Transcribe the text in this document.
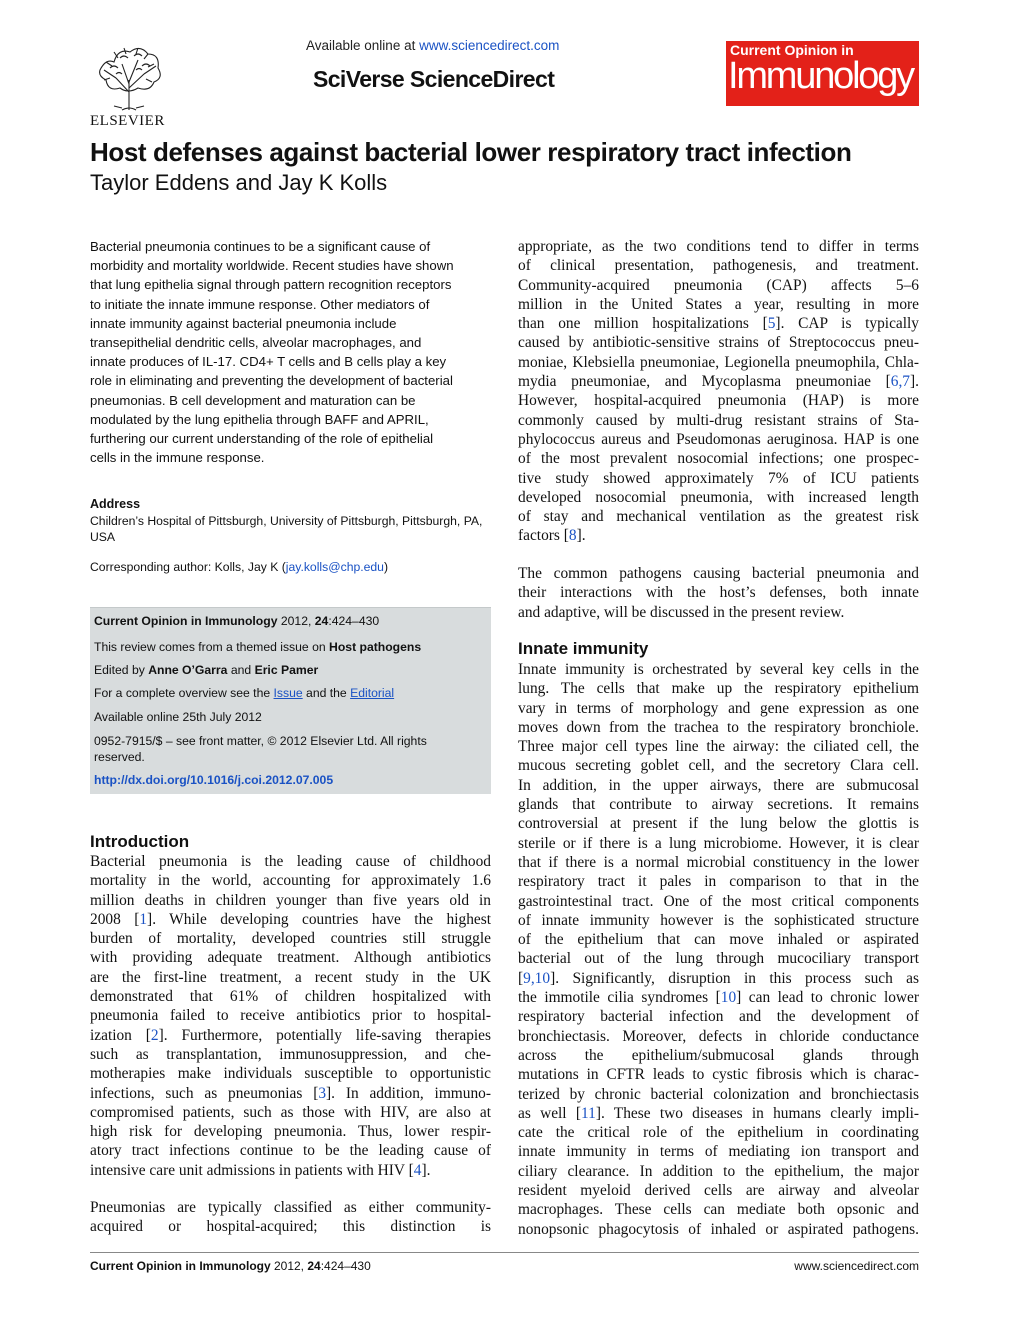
ELSEVIER
Available online at www.sciencedirect.com
SciVerse ScienceDirect
Current Opinion in
Immunology
Host defenses against bacterial lower respiratory tract infection
Taylor Eddens and Jay K Kolls
Bacterial pneumonia continues to be a significant cause of
morbidity and mortality worldwide. Recent studies have shown
that lung epithelia signal through pattern recognition receptors
to initiate the innate immune response. Other mediators of
innate immunity against bacterial pneumonia include
transepithelial dendritic cells, alveolar macrophages, and
innate produces of IL-17. CD4+ T cells and B cells play a key
role in eliminating and preventing the development of bacterial
pneumonias. B cell development and maturation can be
modulated by the lung epithelia through BAFF and APRIL,
furthering our current understanding of the role of epithelial
cells in the immune response.
Address
Children’s Hospital of Pittsburgh, University of Pittsburgh, Pittsburgh, PA, USA
Corresponding author: Kolls, Jay K (jay.kolls@chp.edu)
Current Opinion in Immunology 2012, 24:424–430
This review comes from a themed issue on Host pathogens
Edited by Anne O’Garra and Eric Pamer
For a complete overview see the Issue and the Editorial
Available online 25th July 2012
0952-7915/$ – see front matter, © 2012 Elsevier Ltd. All rights
reserved.
http://dx.doi.org/10.1016/j.coi.2012.07.005
Introduction
Bacterial pneumonia is the leading cause of childhood
mortality in the world, accounting for approximately 1.6
million deaths in children younger than five years old in
2008 [1]. While developing countries have the highest
burden of mortality, developed countries still struggle
with providing adequate treatment. Although antibiotics
are the first-line treatment, a recent study in the UK
demonstrated that 61% of children hospitalized with
pneumonia failed to receive antibiotics prior to hospital-
ization [2]. Furthermore, potentially life-saving therapies
such as transplantation, immunosuppression, and che-
motherapies make individuals susceptible to opportunistic
infections, such as pneumonias [3]. In addition, immuno-
compromised patients, such as those with HIV, are also at
high risk for developing pneumonia. Thus, lower respir-
atory tract infections continue to be the leading cause of
intensive care unit admissions in patients with HIV [4].
Pneumonias are typically classified as either community-
acquired or hospital-acquired; this distinction is
appropriate, as the two conditions tend to differ in terms
of clinical presentation, pathogenesis, and treatment.
Community-acquired pneumonia (CAP) affects 5–6
million in the United States a year, resulting in more
than one million hospitalizations [5]. CAP is typically
caused by antibiotic-sensitive strains of Streptococcus pneu-
moniae, Klebsiella pneumoniae, Legionella pneumophila, Chla-
mydia pneumoniae, and Mycoplasma pneumoniae [6,7].
However, hospital-acquired pneumonia (HAP) is more
commonly caused by multi-drug resistant strains of Sta-
phylococcus aureus and Pseudomonas aeruginosa. HAP is one
of the most prevalent nosocomial infections; one prospec-
tive study showed approximately 7% of ICU patients
developed nosocomial pneumonia, with increased length
of stay and mechanical ventilation as the greatest risk
factors [8].
The common pathogens causing bacterial pneumonia and
their interactions with the host’s defenses, both innate
and adaptive, will be discussed in the present review.
Innate immunity
Innate immunity is orchestrated by several key cells in the
lung. The cells that make up the respiratory epithelium
vary in terms of morphology and gene expression as one
moves down from the trachea to the respiratory bronchiole.
Three major cell types line the airway: the ciliated cell, the
mucous secreting goblet cell, and the secretory Clara cell.
In addition, in the upper airways, there are submucosal
glands that contribute to airway secretions. It remains
controversial at present if the lung below the glottis is
sterile or if there is a lung microbiome. However, it is clear
that if there is a normal microbial constituency in the lower
respiratory tract it pales in comparison to that in the
gastrointestinal tract. One of the most critical components
of innate immunity however is the sophisticated structure
of the epithelium that can move inhaled or aspirated
bacterial out of the lung through mucociliary transport
[9,10]. Significantly, disruption in this process such as
the immotile cilia syndromes [10] can lead to chronic lower
respiratory bacterial infection and the development of
bronchiectasis. Moreover, defects in chloride conductance
across the epithelium/submucosal glands through
mutations in CFTR leads to cystic fibrosis which is charac-
terized by chronic bacterial colonization and bronchiectasis
as well [11]. These two diseases in humans clearly impli-
cate the critical role of the epithelium in coordinating
innate immunity in terms of mediating ion transport and
ciliary clearance. In addition to the epithelium, the major
resident myeloid derived cells are airway and alveolar
macrophages. These cells can mediate both opsonic and
nonopsonic phagocytosis of inhaled or aspirated pathogens.
Current Opinion in Immunology 2012, 24:424–430	www.sciencedirect.com
